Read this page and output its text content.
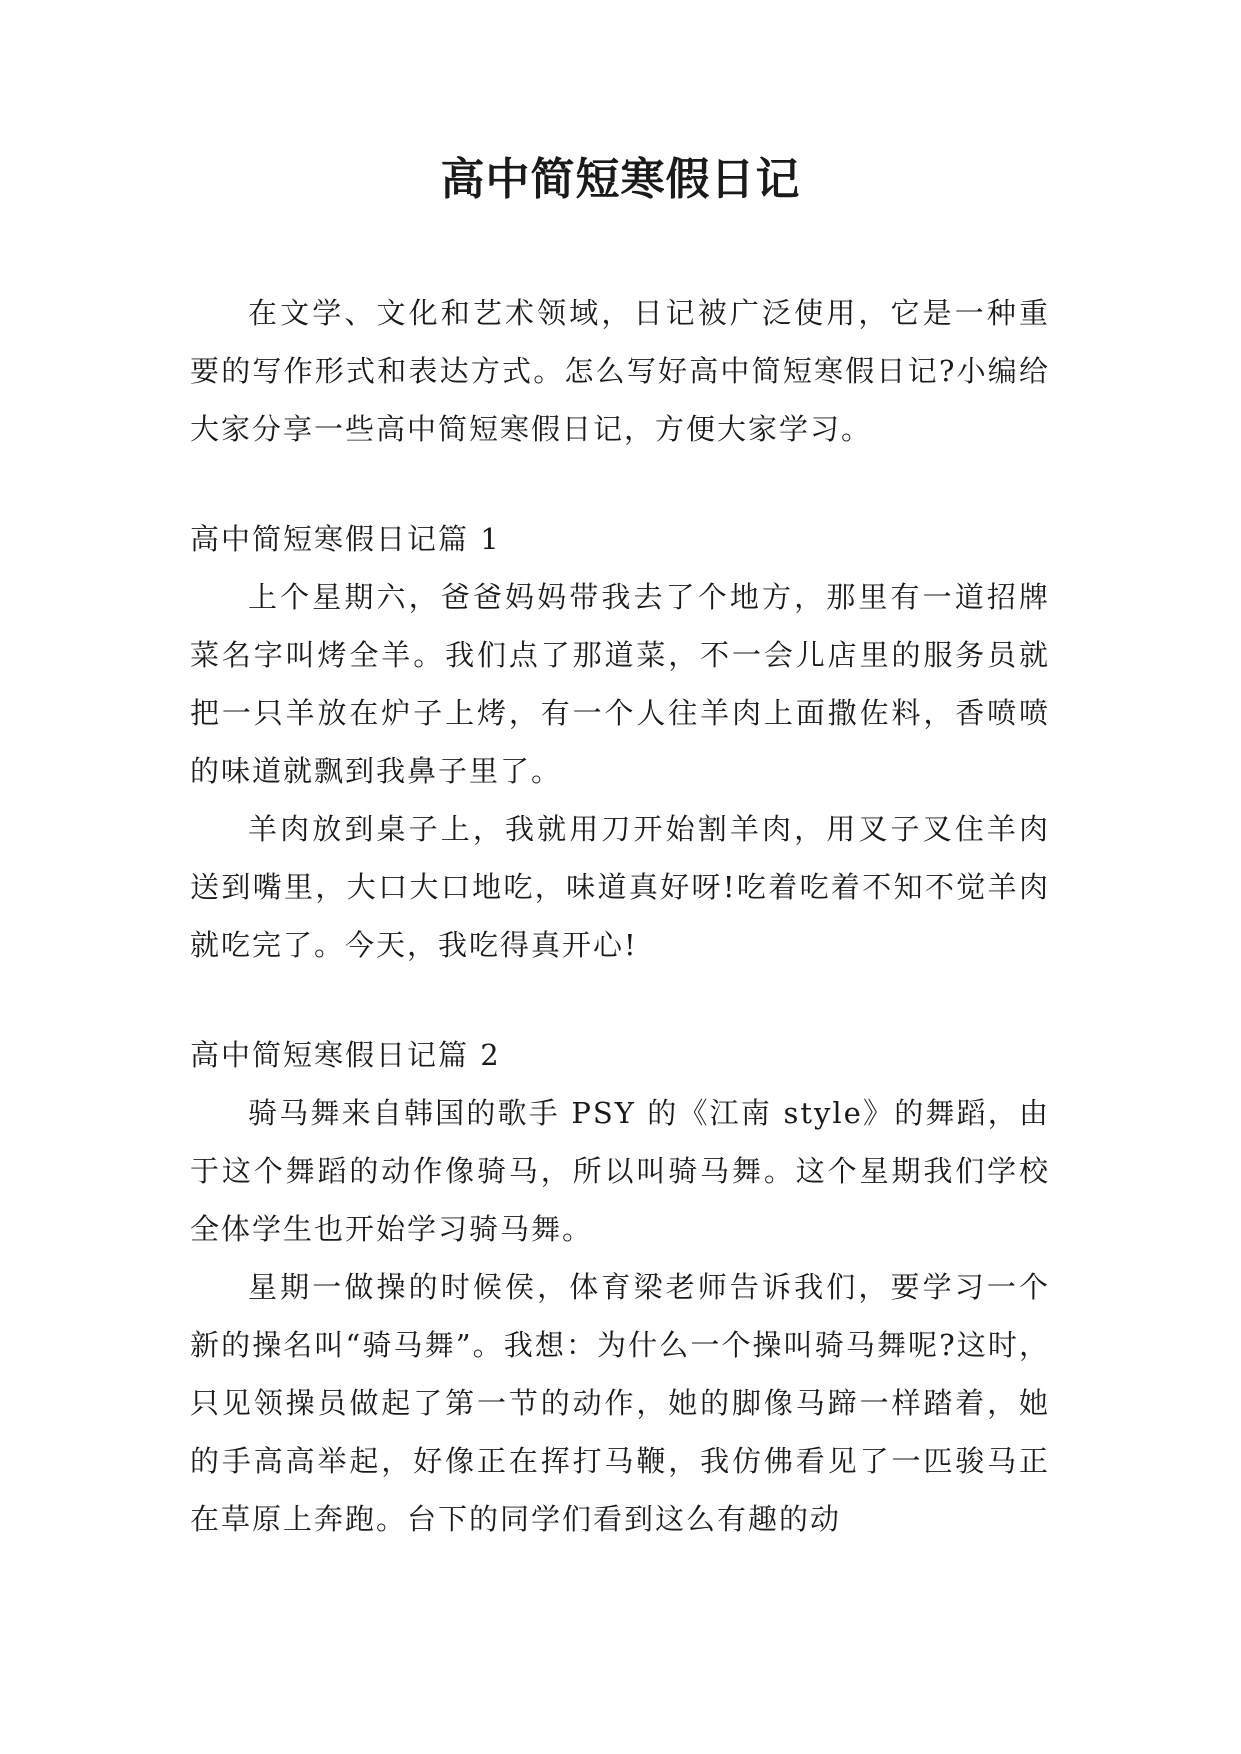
高中简短寒假日记

在文学、文化和艺术领域，日记被广泛使用，它是一种重要的写作形式和表达方式。怎么写好高中简短寒假日记?小编给大家分享一些高中简短寒假日记，方便大家学习。

高中简短寒假日记篇 1

上个星期六，爸爸妈妈带我去了个地方，那里有一道招牌菜名字叫烤全羊。我们点了那道菜，不一会儿店里的服务员就把一只羊放在炉子上烤，有一个人往羊肉上面撒佐料，香喷喷的味道就飘到我鼻子里了。

羊肉放到桌子上，我就用刀开始割羊肉，用叉子叉住羊肉送到嘴里，大口大口地吃，味道真好呀!吃着吃着不知不觉羊肉就吃完了。今天，我吃得真开心!

高中简短寒假日记篇 2

骑马舞来自韩国的歌手 PSY 的《江南 style》的舞蹈，由于这个舞蹈的动作像骑马，所以叫骑马舞。这个星期我们学校全体学生也开始学习骑马舞。

星期一做操的时候侯，体育梁老师告诉我们，要学习一个新的操名叫“骑马舞”。我想：为什么一个操叫骑马舞呢?这时，只见领操员做起了第一节的动作，她的脚像马蹄一样踏着，她的手高高举起，好像正在挥打马鞭，我仿佛看见了一匹骏马正在草原上奔跑。台下的同学们看到这么有趣的动
